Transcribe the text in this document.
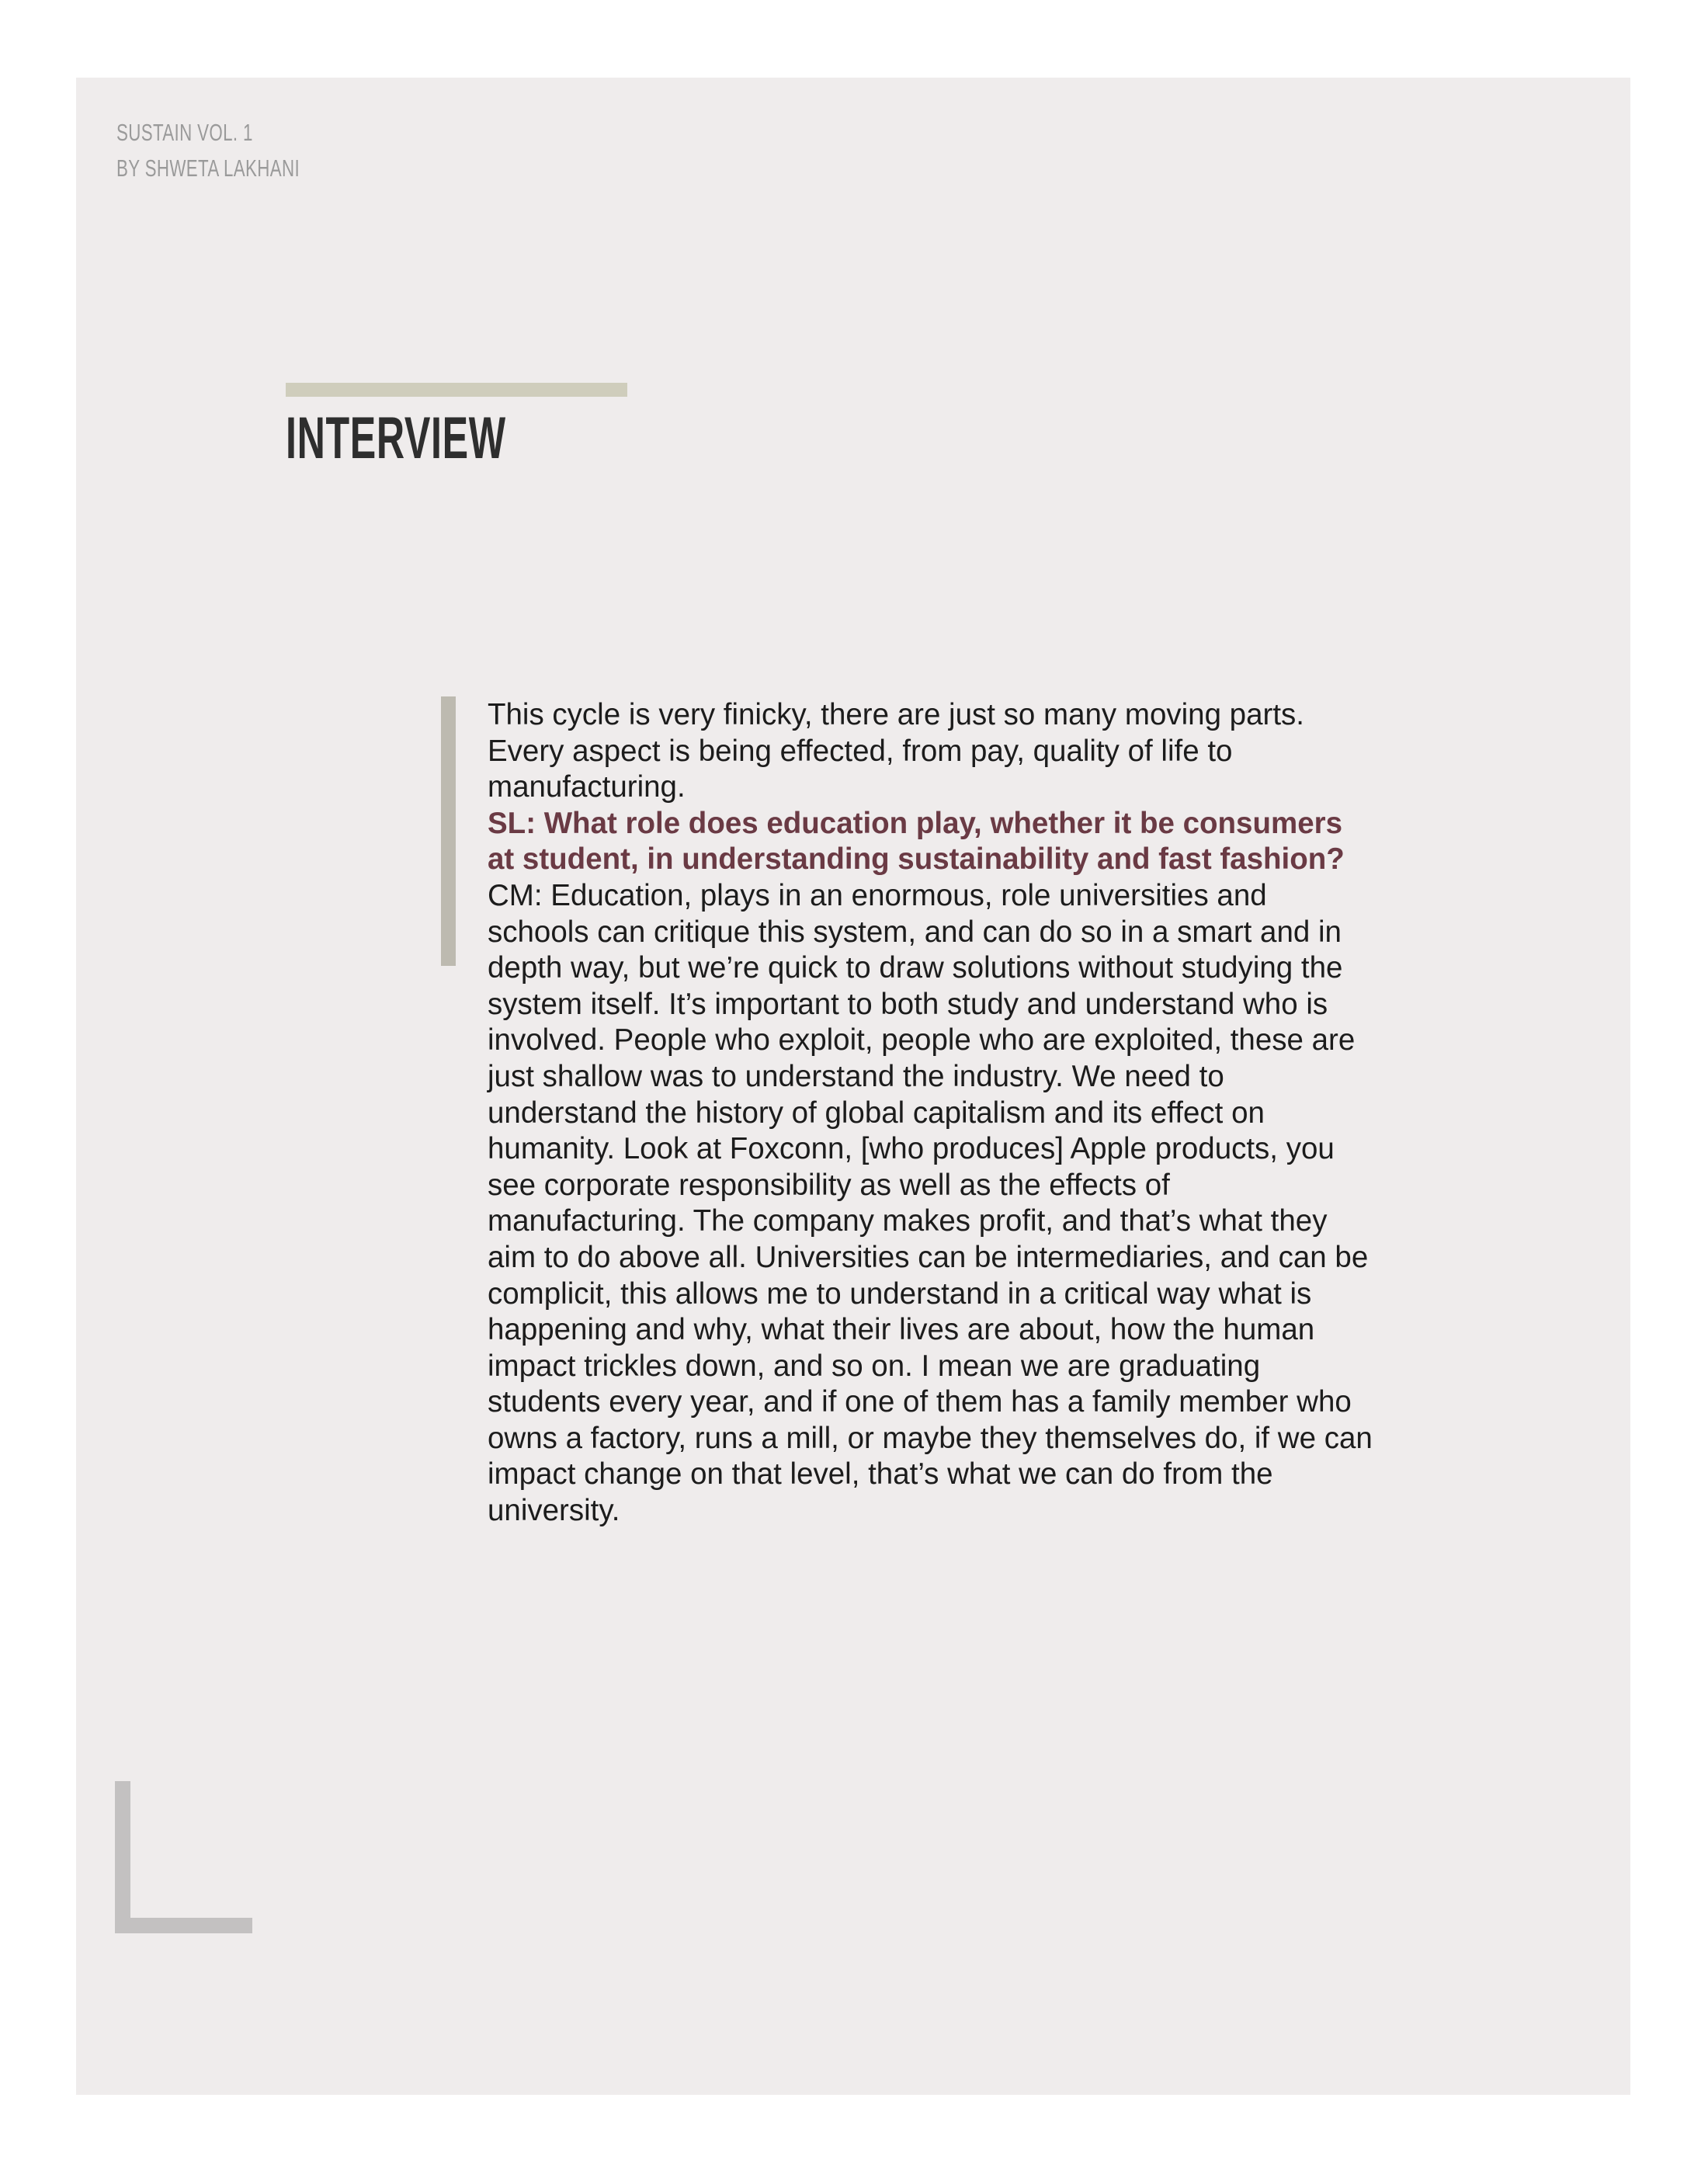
SUSTAIN VOL. 1
BY SHWETA LAKHANI
INTERVIEW

This cycle is very finicky, there are just so many moving parts. Every aspect is being effected, from pay, quality of life to manufacturing.

SL: What role does education play, whether it be consumers at student, in understanding sustainability and fast fashion?

CM: Education, plays in an enormous, role universities and schools can critique this system, and can do so in a smart and in depth way, but we’re quick to draw solutions without studying the system itself. It’s important to both study and understand who is involved. People who exploit, people who are exploited, these are just shallow was to understand the industry. We need to understand the history of global capitalism and its effect on humanity. Look at Foxconn, [who produces] Apple products, you see corporate responsibility as well as the effects of manufacturing. The company makes profit, and that’s what they aim to do above all. Universities can be intermediaries, and can be complicit, this allows me to understand in a critical way what is happening and why, what their lives are about, how the human impact trickles down, and so on. I mean we are graduating students every year, and if one of them has a family member who owns a factory, runs a mill, or maybe they themselves do, if we can impact change on that level, that’s what we can do from the university.
